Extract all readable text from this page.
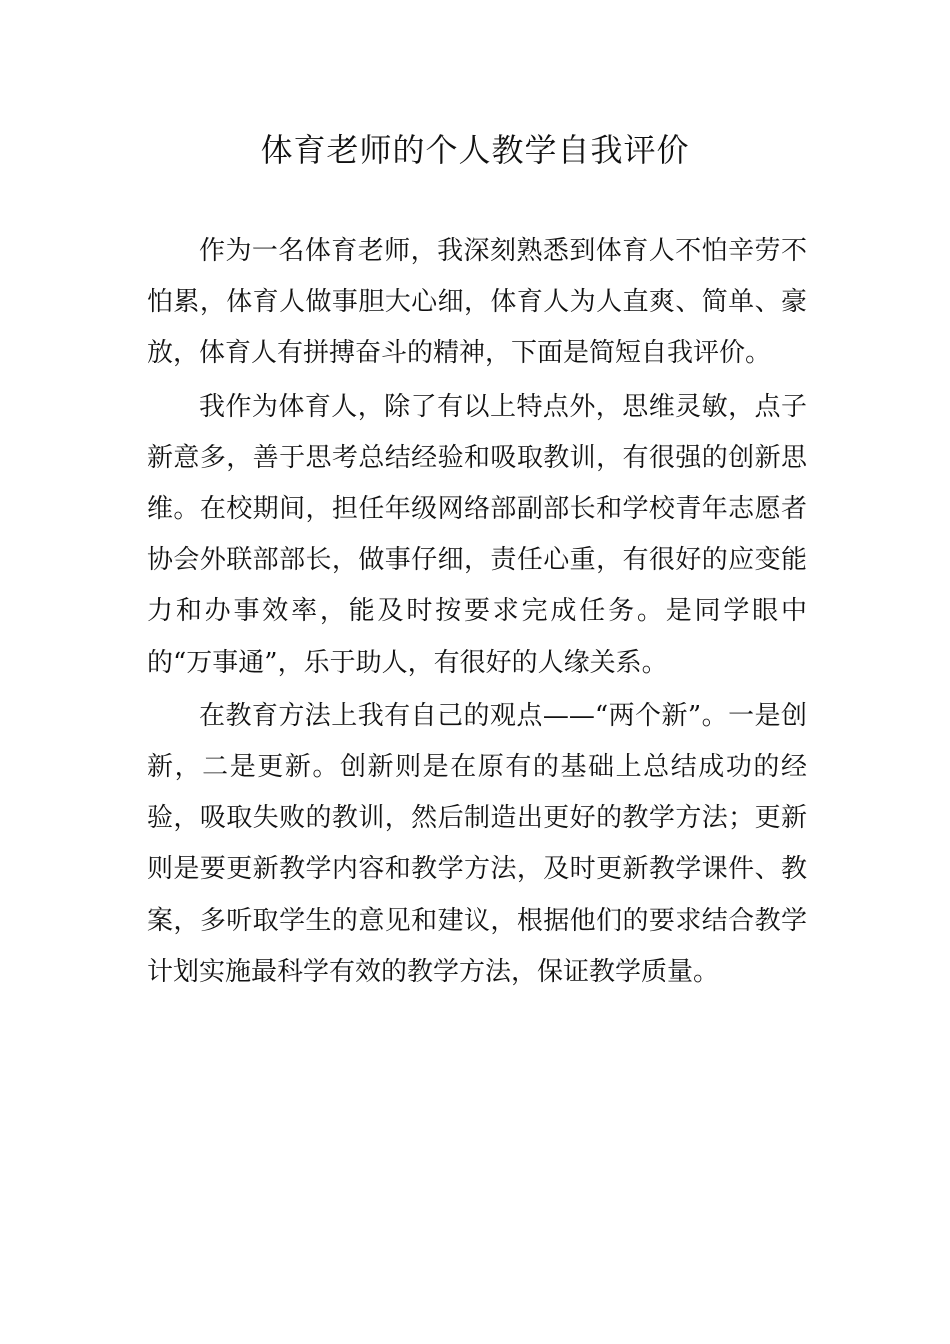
体育老师的个人教学自我评价

作为一名体育老师，我深刻熟悉到体育人不怕辛劳不怕累，体育人做事胆大心细，体育人为人直爽、简单、豪放，体育人有拼搏奋斗的精神，下面是简短自我评价。

我作为体育人，除了有以上特点外，思维灵敏，点子新意多，善于思考总结经验和吸取教训，有很强的创新思维。在校期间，担任年级网络部副部长和学校青年志愿者协会外联部部长，做事仔细，责任心重，有很好的应变能力和办事效率，能及时按要求完成任务。是同学眼中的“万事通”，乐于助人，有很好的人缘关系。

在教育方法上我有自己的观点——“两个新”。一是创新，二是更新。创新则是在原有的基础上总结成功的经验，吸取失败的教训，然后制造出更好的教学方法；更新则是要更新教学内容和教学方法，及时更新教学课件、教案，多听取学生的意见和建议，根据他们的要求结合教学计划实施最科学有效的教学方法，保证教学质量。
